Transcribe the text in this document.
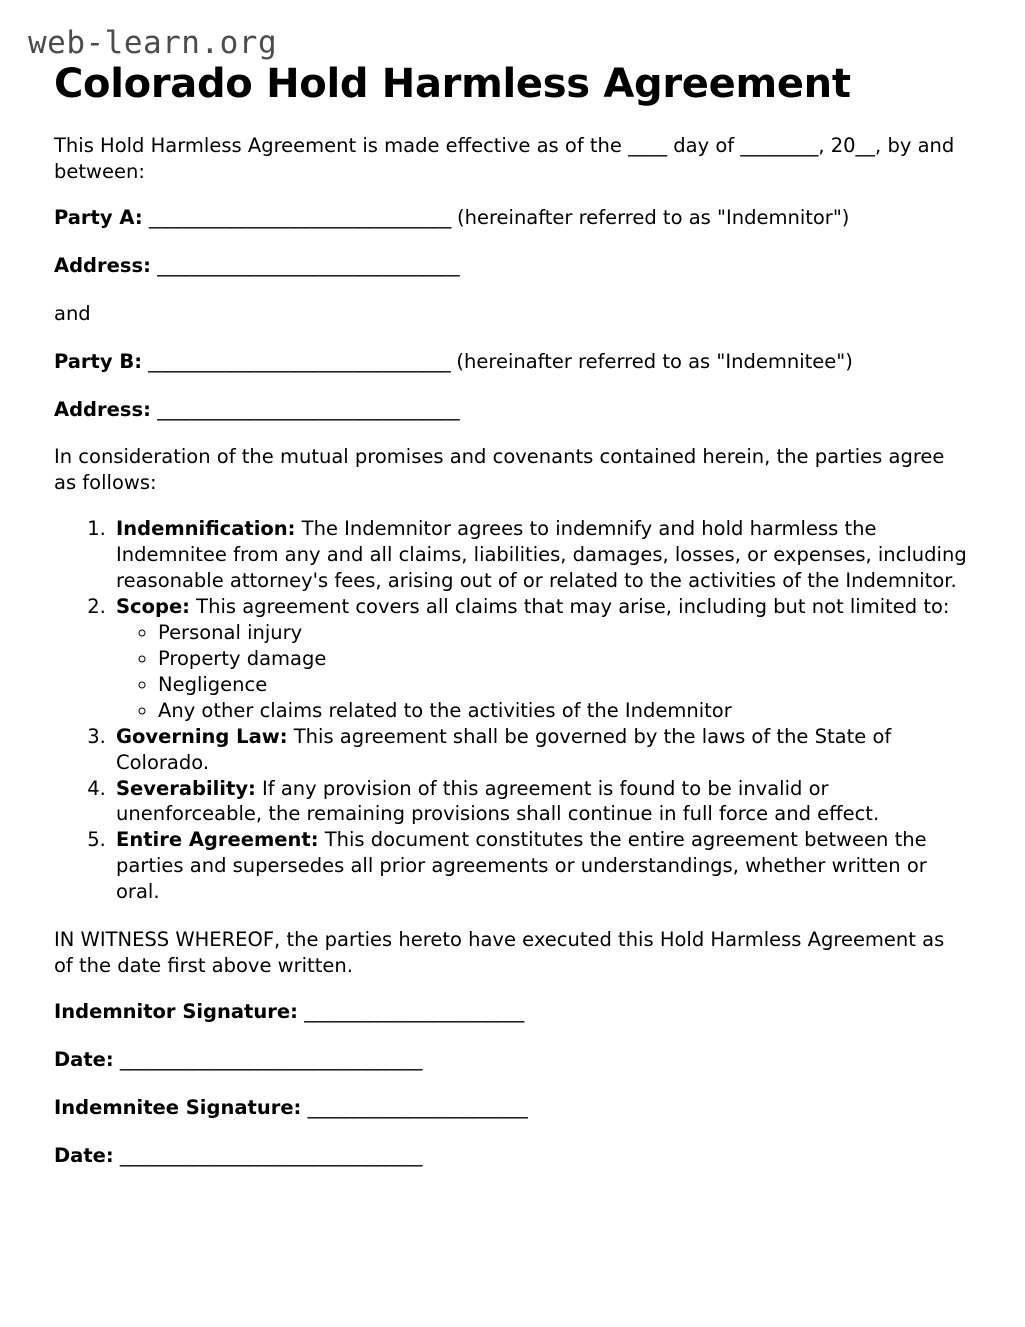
web-learn.org
Colorado Hold Harmless Agreement

This Hold Harmless Agreement is made effective as of the ____ day of ________, 20__, by and between:

Party A: _________________________________ (hereinafter referred to as "Indemnitor")
Address: _________________________________
and
Party B: _________________________________ (hereinafter referred to as "Indemnitee")
Address: _________________________________

In consideration of the mutual promises and covenants contained herein, the parties agree as follows:

1. Indemnification: The Indemnitor agrees to indemnify and hold harmless the Indemnitee from any and all claims, liabilities, damages, losses, or expenses, including reasonable attorney's fees, arising out of or related to the activities of the Indemnitor.
2. Scope: This agreement covers all claims that may arise, including but not limited to:
◦ Personal injury
◦ Property damage
◦ Negligence
◦ Any other claims related to the activities of the Indemnitor
3. Governing Law: This agreement shall be governed by the laws of the State of Colorado.
4. Severability: If any provision of this agreement is found to be invalid or unenforceable, the remaining provisions shall continue in full force and effect.
5. Entire Agreement: This document constitutes the entire agreement between the parties and supersedes all prior agreements or understandings, whether written or oral.

IN WITNESS WHEREOF, the parties hereto have executed this Hold Harmless Agreement as of the date first above written.

Indemnitor Signature: ________________________
Date: _________________________________
Indemnitee Signature: ________________________
Date: _________________________________
